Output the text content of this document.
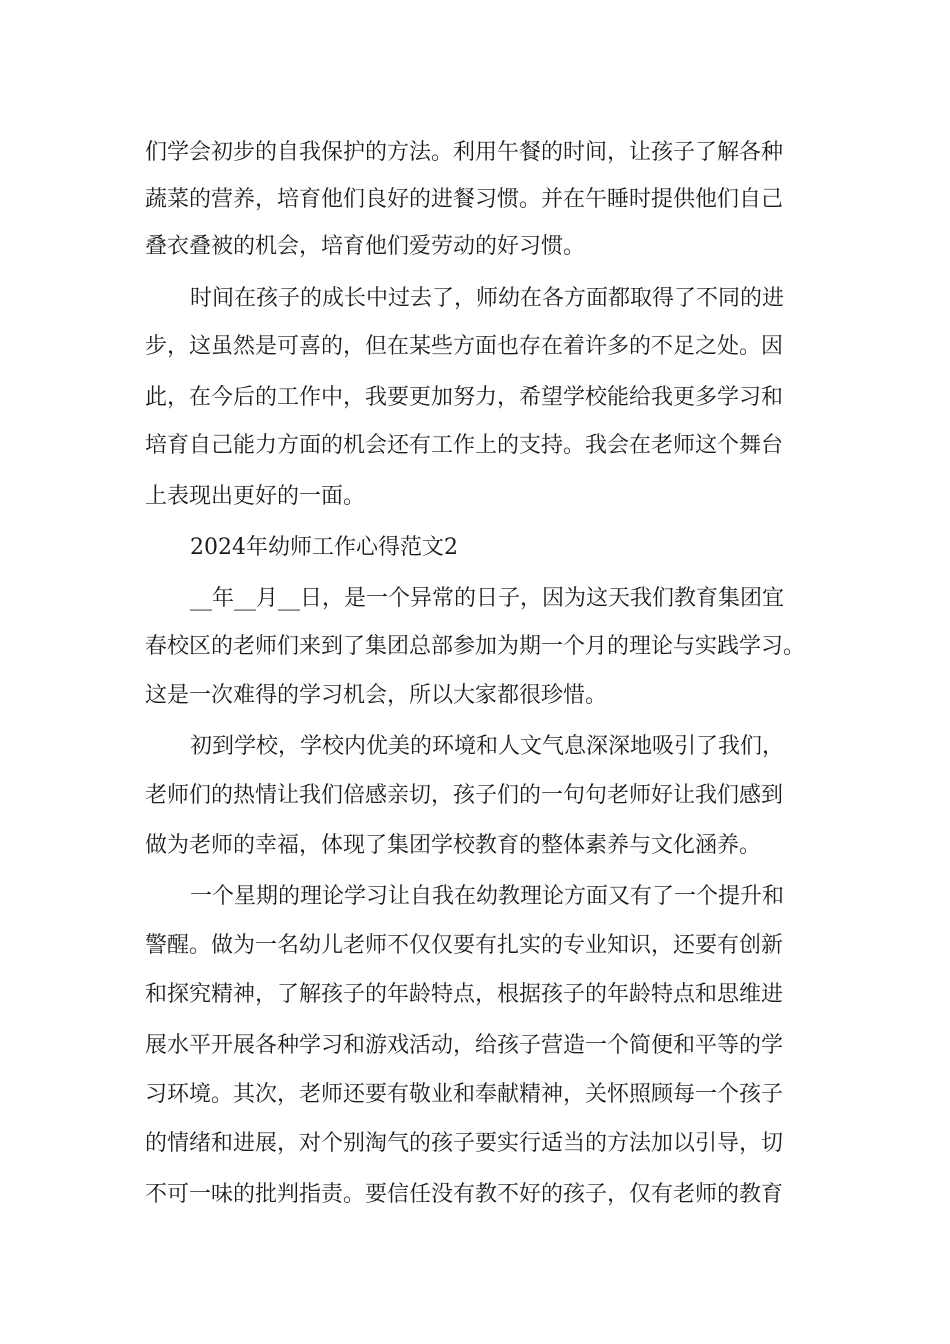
们学会初步的自我保护的方法。利用午餐的时间，让孩子了解各种
蔬菜的营养，培育他们良好的进餐习惯。并在午睡时提供他们自己
叠衣叠被的机会，培育他们爱劳动的好习惯。
时间在孩子的成长中过去了，师幼在各方面都取得了不同的进
步，这虽然是可喜的，但在某些方面也存在着许多的不足之处。因
此，在今后的工作中，我要更加努力，希望学校能给我更多学习和
培育自己能力方面的机会还有工作上的支持。我会在老师这个舞台
上表现出更好的一面。
2024年幼师工作心得范文2
__年__月__日，是一个异常的日子，因为这天我们教育集团宜
春校区的老师们来到了集团总部参加为期一个月的理论与实践学习。
这是一次难得的学习机会，所以大家都很珍惜。
初到学校，学校内优美的环境和人文气息深深地吸引了我们，
老师们的热情让我们倍感亲切，孩子们的一句句老师好让我们感到
做为老师的幸福，体现了集团学校教育的整体素养与文化涵养。
一个星期的理论学习让自我在幼教理论方面又有了一个提升和
警醒。做为一名幼儿老师不仅仅要有扎实的专业知识，还要有创新
和探究精神，了解孩子的年龄特点，根据孩子的年龄特点和思维进
展水平开展各种学习和游戏活动，给孩子营造一个简便和平等的学
习环境。其次，老师还要有敬业和奉献精神，关怀照顾每一个孩子
的情绪和进展，对个别淘气的孩子要实行适当的方法加以引导，切
不可一味的批判指责。要信任没有教不好的孩子，仅有老师的教育
